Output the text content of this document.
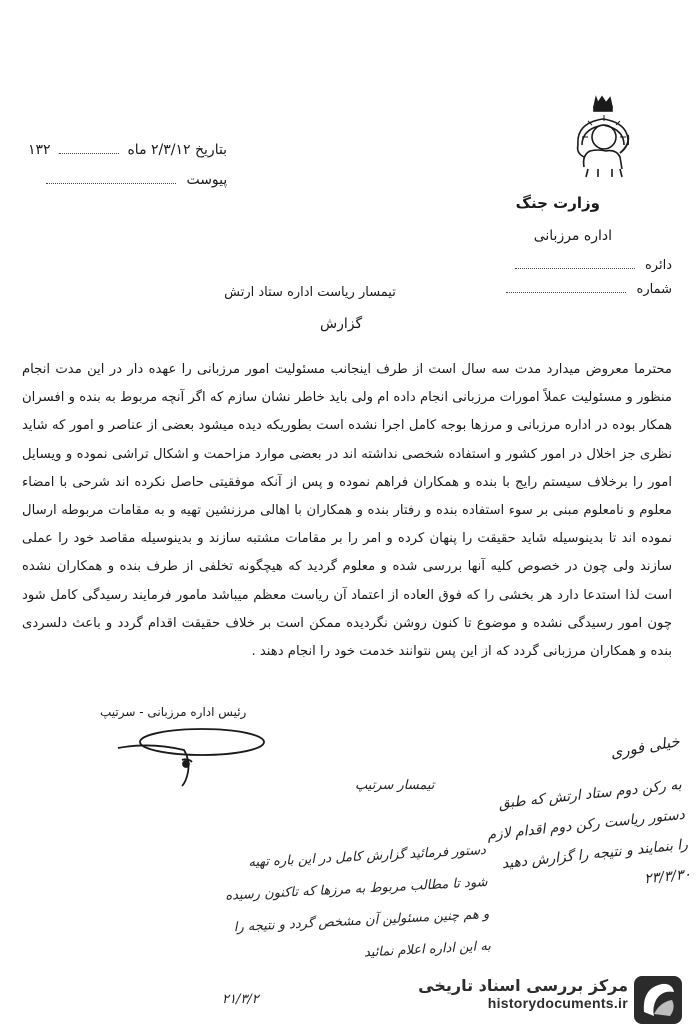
بتاریخ ۲/۳/۱۲ ماه  ۱۳۲
پیوست
وزارت جنگ
اداره مرزبانی
دائره
شماره
تیمسار ریاست اداره ستاد ارتش
گزارش
محترما معروض میدارد مدت سه سال است از طرف اینجانب مسئولیت امور مرزبانی را عهده دار در این مدت انجام منظور و مسئولیت عملاً امورات مرزبانی انجام داده ام ولی باید خاطر نشان سازم که اگر آنچه مربوط به بنده و افسران همکار بوده در اداره مرزبانی و مرزها بوجه کامل اجرا نشده است بطوریکه دیده میشود بعضی از عناصر و امور که شاید نظری جز اخلال در امور کشور و استفاده شخصی نداشته اند در بعضی موارد مزاحمت و اشکال تراشی نموده و ویسایل امور را برخلاف سیستم رایج با بنده و همکاران فراهم نموده و پس از آنکه موفقیتی حاصل نکرده اند شرحی با امضاء معلوم و نامعلوم مبنی بر سوء استفاده بنده و رفتار بنده و همکاران با اهالی مرزنشین تهیه و به مقامات مربوطه ارسال نموده اند تا بدینوسیله شاید حقیقت را پنهان کرده و امر را بر مقامات مشتبه سازند و بدینوسیله مقاصد خود را عملی سازند ولی چون در خصوص کلیه آنها بررسی شده و معلوم گردید که هیچگونه تخلفی از طرف بنده و همکاران نشده است لذا استدعا دارد هر بخشی را که فوق العاده از اعتماد آن ریاست معظم میباشد مامور فرمایند رسیدگی کامل شود چون امور رسیدگی نشده و موضوع تا کنون روشن نگردیده ممکن است بر خلاف حقیقت اقدام گردد و باعث دلسردی بنده و همکاران مرزبانی گردد که از این پس نتوانند خدمت خود را انجام دهند .
رئیس اداره مرزبانی - سرتیپ
خیلی فوری
به رکن دوم ستاد ارتش که طبق دستور ریاست رکن دوم اقدام لازم را بنمایند و نتیجه را گزارش دهید
۲۳/۳/۳۰
تیمسار سرتیپ
دستور فرمائید گزارش کامل در این باره تهیه شود تا مطالب مربوط به مرزها که تاکنون رسیده و هم چنین مسئولین آن مشخص گردد و نتیجه را به این اداره اعلام نمائید
۲۱/۳/۲
مرکز بررسی اسناد تاریخی
historydocuments.ir
